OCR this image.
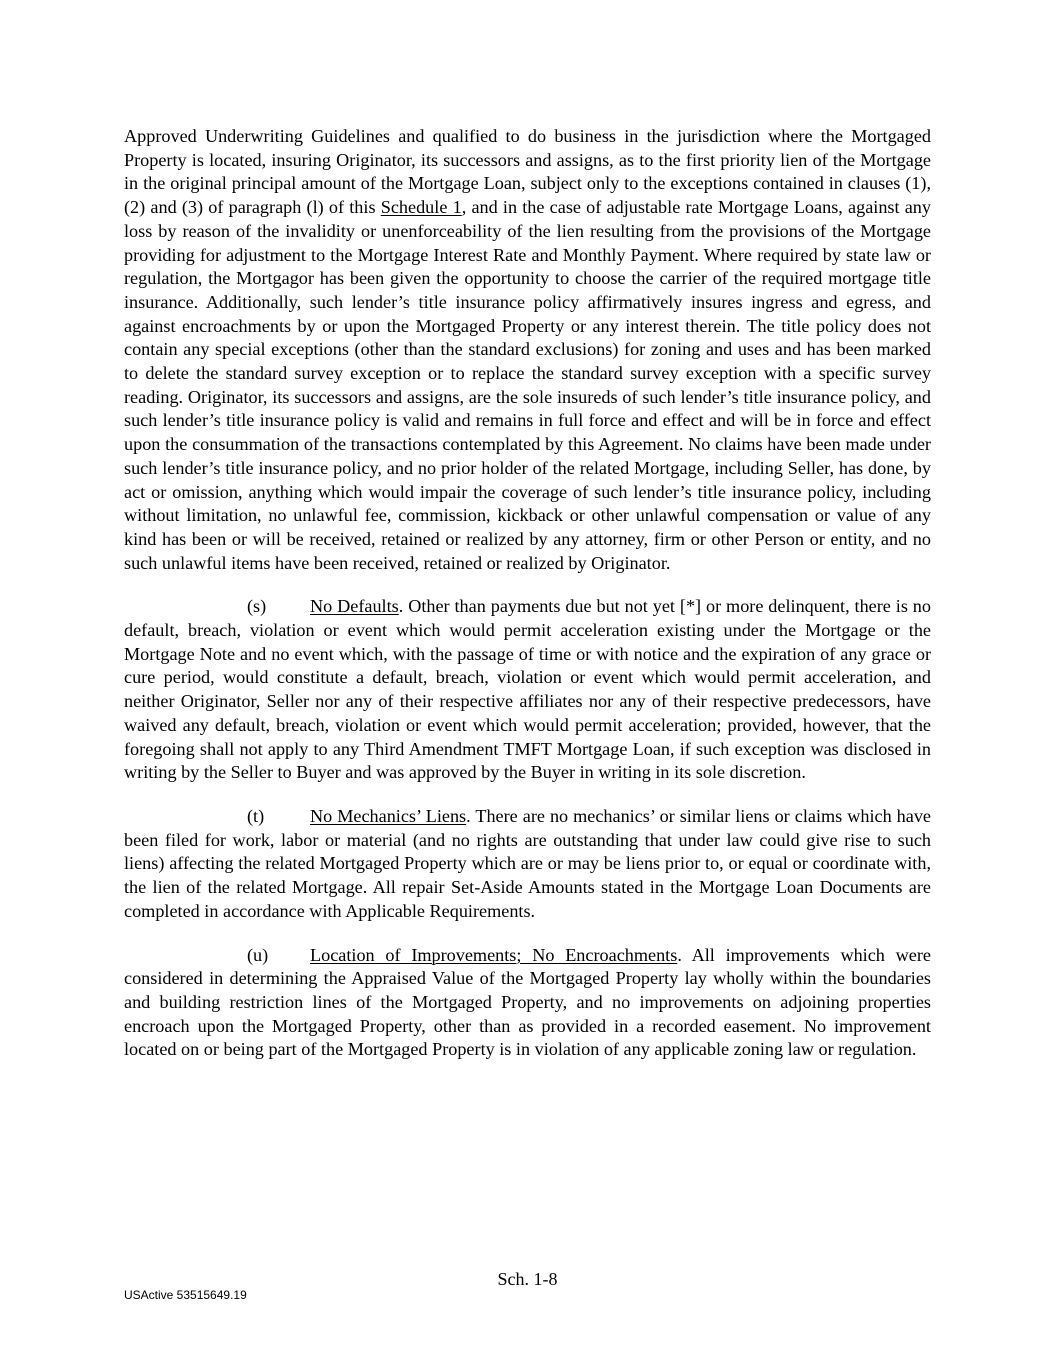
Approved Underwriting Guidelines and qualified to do business in the jurisdiction where the Mortgaged Property is located, insuring Originator, its successors and assigns, as to the first priority lien of the Mortgage in the original principal amount of the Mortgage Loan, subject only to the exceptions contained in clauses (1), (2) and (3) of paragraph (l) of this Schedule 1, and in the case of adjustable rate Mortgage Loans, against any loss by reason of the invalidity or unenforceability of the lien resulting from the provisions of the Mortgage providing for adjustment to the Mortgage Interest Rate and Monthly Payment. Where required by state law or regulation, the Mortgagor has been given the opportunity to choose the carrier of the required mortgage title insurance. Additionally, such lender’s title insurance policy affirmatively insures ingress and egress, and against encroachments by or upon the Mortgaged Property or any interest therein. The title policy does not contain any special exceptions (other than the standard exclusions) for zoning and uses and has been marked to delete the standard survey exception or to replace the standard survey exception with a specific survey reading. Originator, its successors and assigns, are the sole insureds of such lender’s title insurance policy, and such lender’s title insurance policy is valid and remains in full force and effect and will be in force and effect upon the consummation of the transactions contemplated by this Agreement. No claims have been made under such lender’s title insurance policy, and no prior holder of the related Mortgage, including Seller, has done, by act or omission, anything which would impair the coverage of such lender’s title insurance policy, including without limitation, no unlawful fee, commission, kickback or other unlawful compensation or value of any kind has been or will be received, retained or realized by any attorney, firm or other Person or entity, and no such unlawful items have been received, retained or realized by Originator.

(s) No Defaults. Other than payments due but not yet [*] or more delinquent, there is no default, breach, violation or event which would permit acceleration existing under the Mortgage or the Mortgage Note and no event which, with the passage of time or with notice and the expiration of any grace or cure period, would constitute a default, breach, violation or event which would permit acceleration, and neither Originator, Seller nor any of their respective affiliates nor any of their respective predecessors, have waived any default, breach, violation or event which would permit acceleration; provided, however, that the foregoing shall not apply to any Third Amendment TMFT Mortgage Loan, if such exception was disclosed in writing by the Seller to Buyer and was approved by the Buyer in writing in its sole discretion.

(t)	No Mechanics’ Liens. There are no mechanics’ or similar liens or claims which have been filed for work, labor or material (and no rights are outstanding that under law could give rise to such liens) affecting the related Mortgaged Property which are or may be liens prior to, or equal or coordinate with, the lien of the related Mortgage. All repair Set-Aside Amounts stated in the Mortgage Loan Documents are completed in accordance with Applicable Requirements.

(u) Location of Improvements; No Encroachments. All improvements which were considered in determining the Appraised Value of the Mortgaged Property lay wholly within the boundaries and building restriction lines of the Mortgaged Property, and no improvements on adjoining properties encroach upon the Mortgaged Property, other than as provided in a recorded easement. No improvement located on or being part of the Mortgaged Property is in violation of any applicable zoning law or regulation.

Sch. 1-8
USActive 53515649.19
